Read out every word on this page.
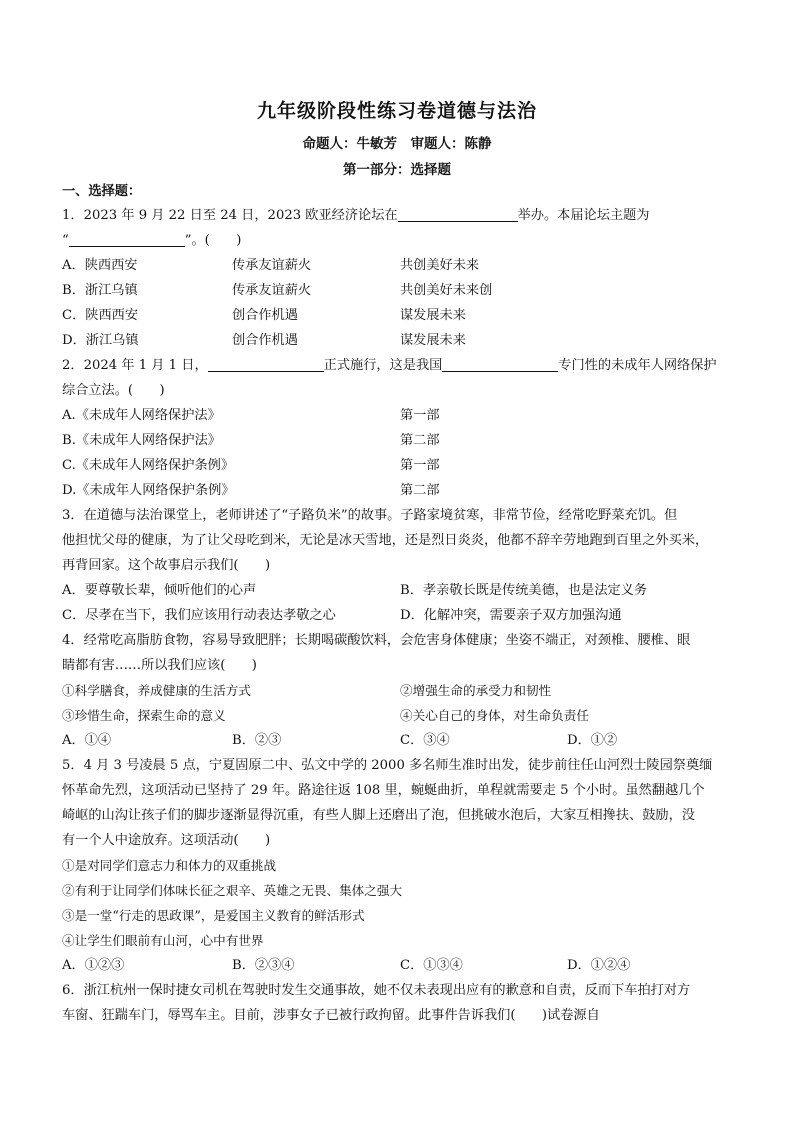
九年级阶段性练习卷道德与法治
命题人：牛敏芳　审题人：陈静
第一部分：选择题
一、选择题：
1．2023 年 9 月 22 日至 24 日，2023 欧亚经济论坛在	举办。本届论坛主题为
“	”。(　　)
A．陕西西安	传承友谊薪火	共创美好未来
B．浙江乌镇	传承友谊薪火	共创美好未来创
C．陕西西安	创合作机遇	谋发展未来
D．浙江乌镇	创合作机遇	谋发展未来
2．2024 年 1 月 1 日，	正式施行，这是我国	专门性的未成年人网络保护
综合立法。(　　)
A.《未成年人网络保护法》	第一部
B.《未成年人网络保护法》	第二部
C.《未成年人网络保护条例》	第一部
D.《未成年人网络保护条例》	第二部
3．在道德与法治课堂上，老师讲述了“子路负米”的故事。子路家境贫寒，非常节俭，经常吃野菜充饥。但
他担忧父母的健康，为了让父母吃到米，无论是冰天雪地，还是烈日炎炎，他都不辞辛劳地跑到百里之外买米，
再背回家。这个故事启示我们(　　)
A．要尊敬长辈，倾听他们的心声	B．孝亲敬长既是传统美德，也是法定义务
C．尽孝在当下，我们应该用行动表达孝敬之心	D．化解冲突，需要亲子双方加强沟通
4．经常吃高脂肪食物，容易导致肥胖；长期喝碳酸饮料，会危害身体健康；坐姿不端正，对颈椎、腰椎、眼
睛都有害……所以我们应该(　　)
①科学膳食，养成健康的生活方式	②增强生命的承受力和韧性
③珍惜生命，探索生命的意义	④关心自己的身体，对生命负责任
A．①④	B．②③	C．③④	D．①②
5．4 月 3 号凌晨 5 点，宁夏固原二中、弘文中学的 2000 多名师生准时出发，徒步前往任山河烈士陵园祭奠缅
怀革命先烈，这项活动已坚持了 29 年。路途往返 108 里，蜿蜒曲折，单程就需要走 5 个小时。虽然翻越几个
崎岖的山沟让孩子们的脚步逐渐显得沉重，有些人脚上还磨出了泡，但挑破水泡后，大家互相搀扶、鼓励，没
有一个人中途放弃。这项活动(　　)
①是对同学们意志力和体力的双重挑战
②有利于让同学们体味长征之艰辛、英雄之无畏、集体之强大
③是一堂“行走的思政课”，是爱国主义教育的鲜活形式
④让学生们眼前有山河，心中有世界
A．①②③	B．②③④	C．①③④	D．①②④
6．浙江杭州一保时捷女司机在驾驶时发生交通事故，她不仅未表现出应有的歉意和自责，反而下车拍打对方
车窗、狂踹车门，辱骂车主。目前，涉事女子已被行政拘留。此事件告诉我们(　　)试卷源自
